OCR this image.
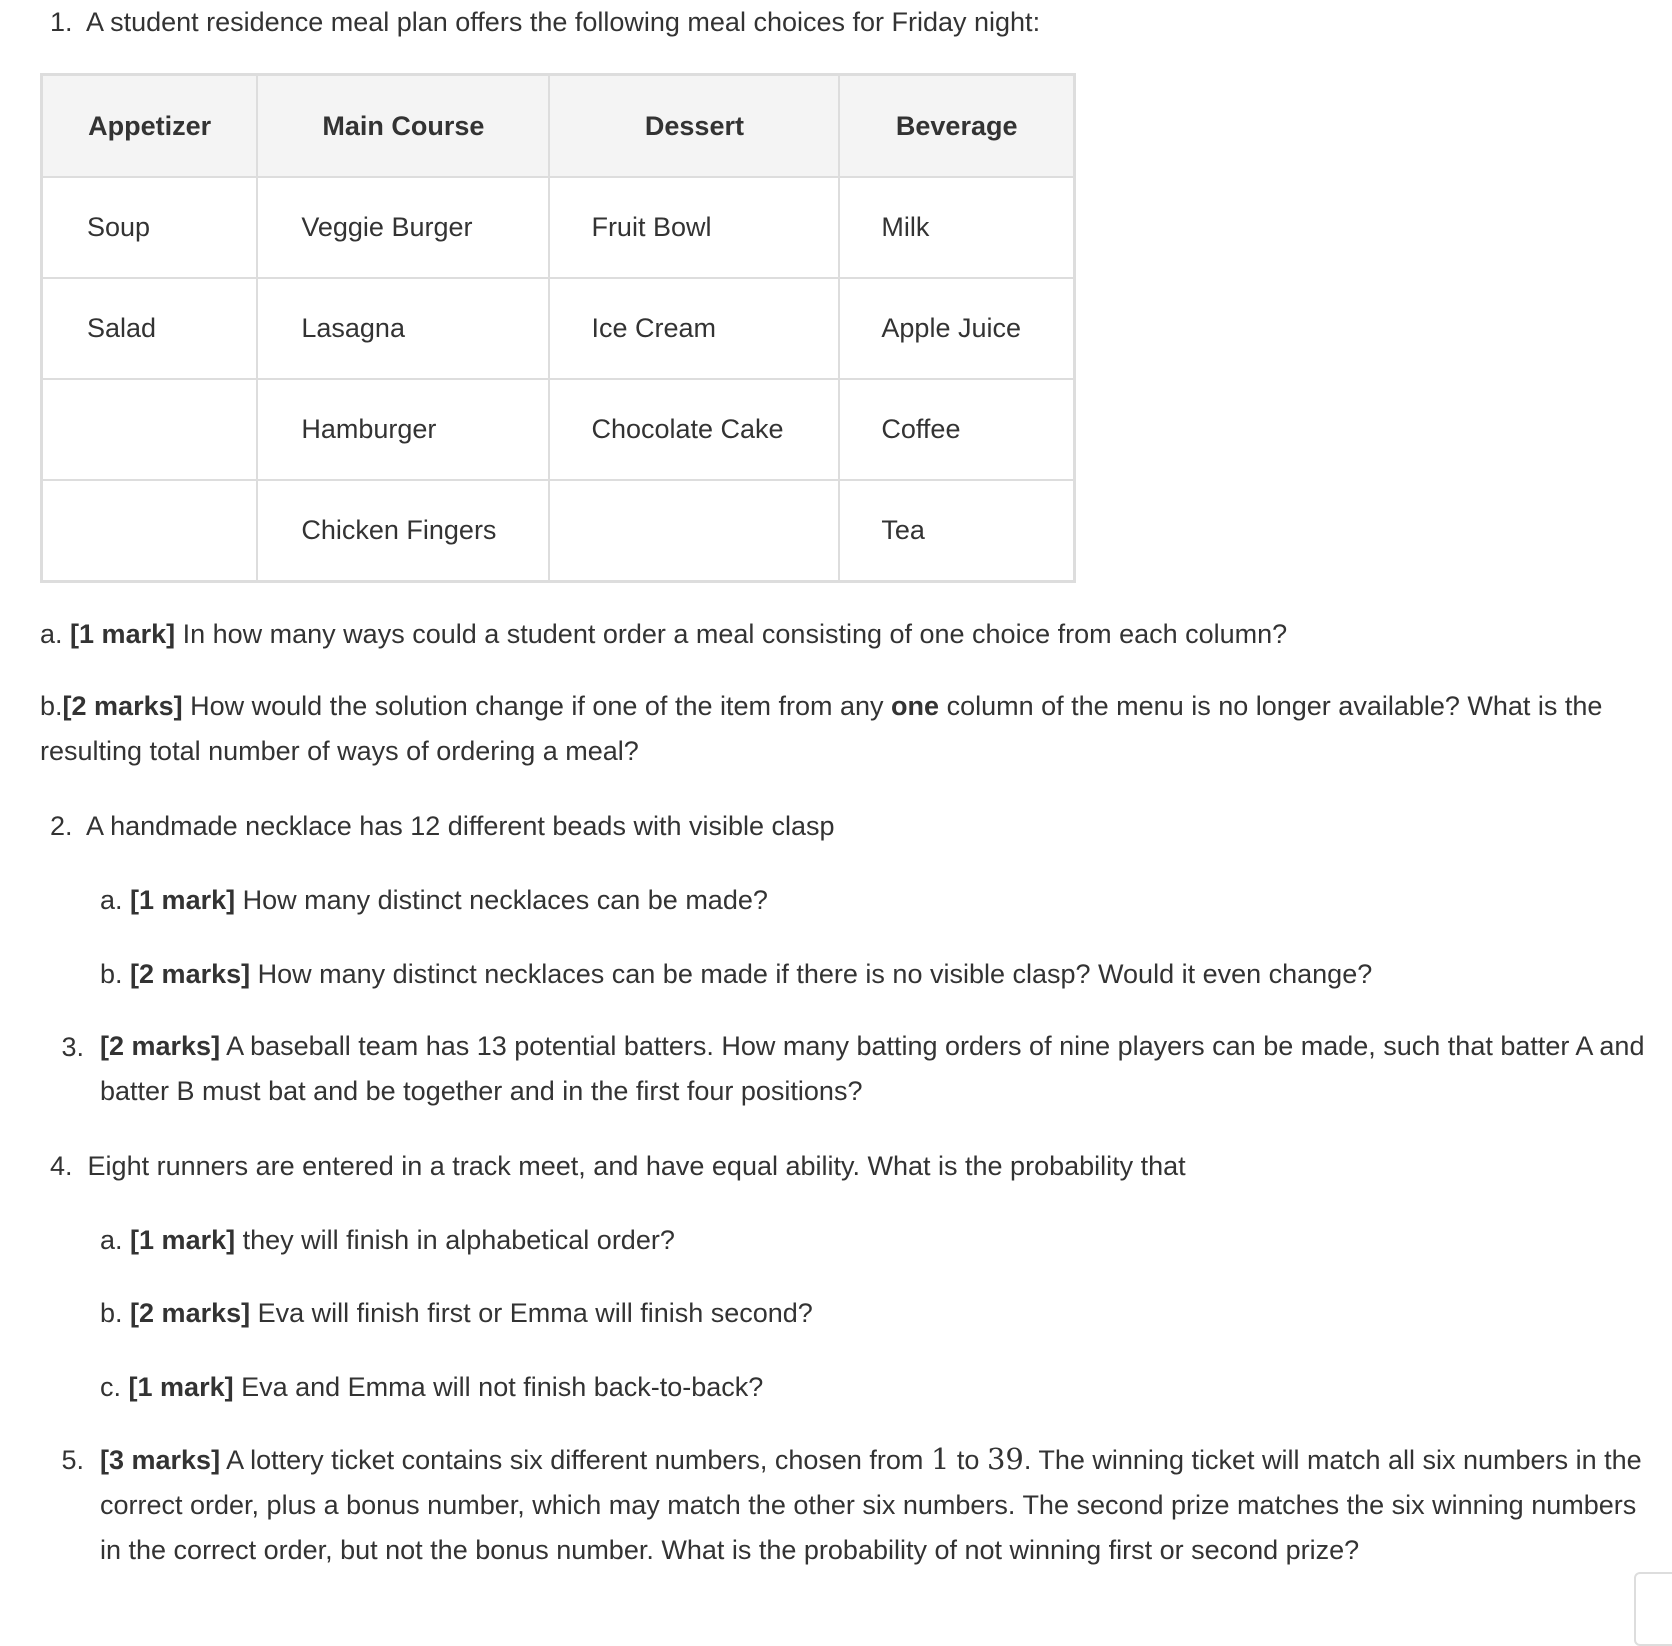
1. A student residence meal plan offers the following meal choices for Friday night:
Appetizer	Main Course	Dessert	Beverage
Soup	Veggie Burger	Fruit Bowl	Milk
Salad	Lasagna	Ice Cream	Apple Juice
	Hamburger	Chocolate Cake	Coffee
	Chicken Fingers		Tea
a. [1 mark] In how many ways could a student order a meal consisting of one choice from each column?
b.[2 marks] How would the solution change if one of the item from any one column of the menu is no longer available? What is the resulting total number of ways of ordering a meal?
2. A handmade necklace has 12 different beads with visible clasp
a. [1 mark] How many distinct necklaces can be made?
b. [2 marks] How many distinct necklaces can be made if there is no visible clasp? Would it even change?
3. [2 marks] A baseball team has 13 potential batters. How many batting orders of nine players can be made, such that batter A and batter B must bat and be together and in the first four positions?
4. Eight runners are entered in a track meet, and have equal ability. What is the probability that
a. [1 mark] they will finish in alphabetical order?
b. [2 marks] Eva will finish first or Emma will finish second?
c. [1 mark] Eva and Emma will not finish back-to-back?
5. [3 marks] A lottery ticket contains six different numbers, chosen from 1 to 39. The winning ticket will match all six numbers in the correct order, plus a bonus number, which may match the other six numbers. The second prize matches the six winning numbers in the correct order, but not the bonus number. What is the probability of not winning first or second prize?
